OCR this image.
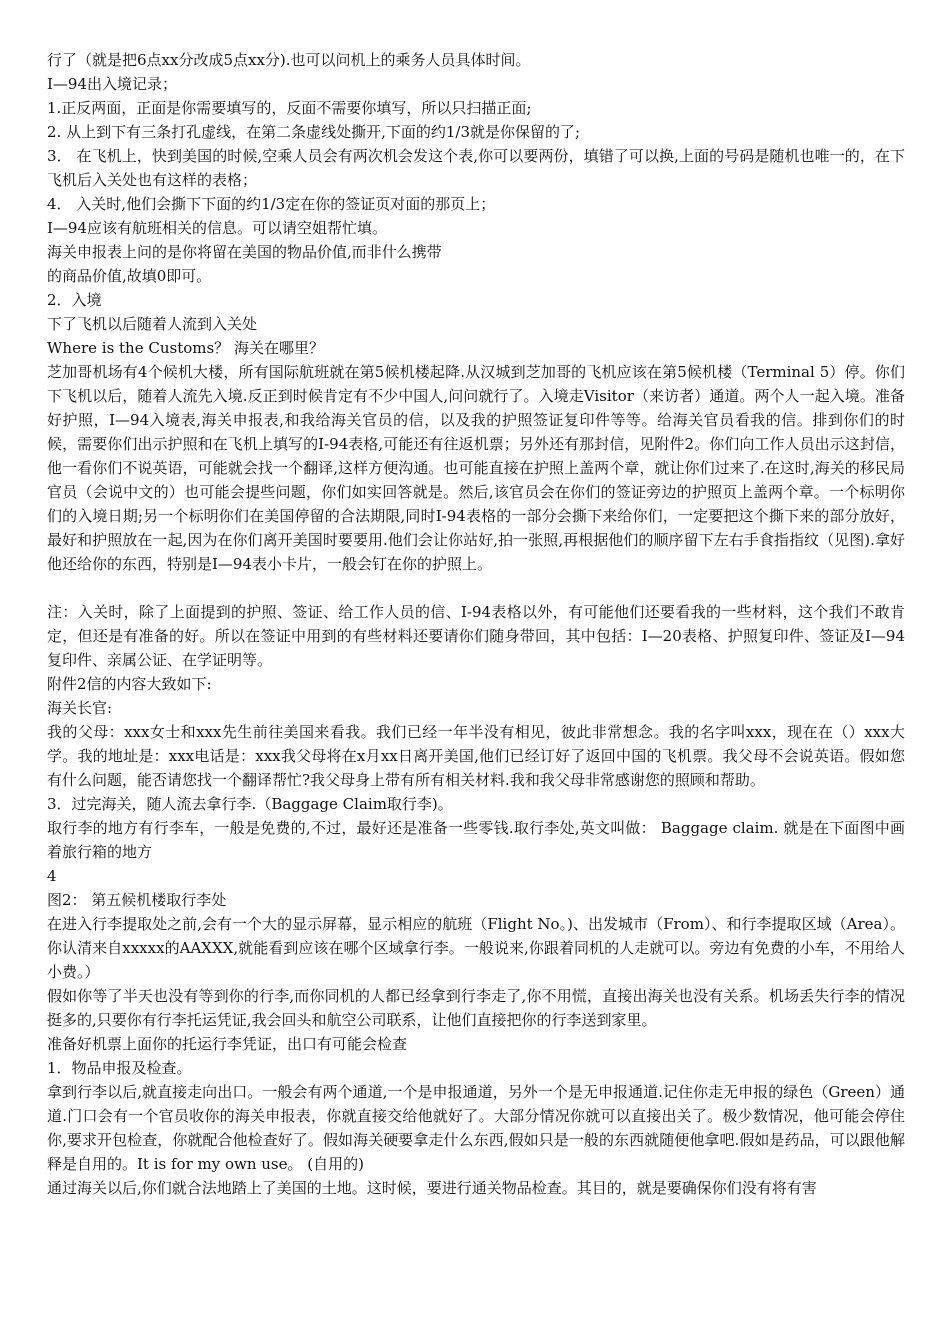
行了（就是把6点xx分改成5点xx分).也可以问机上的乘务人员具体时间。

I—94出入境记录；

1.正反两面，正面是你需要填写的，反面不需要你填写，所以只扫描正面;

2. 从上到下有三条打孔虚线，在第二条虚线处撕开,下面的约1/3就是你保留的了;

3． 在飞机上，快到美国的时候,空乘人员会有两次机会发这个表,你可以要两份，填错了可以换,上面的号码是随机也唯一的，在下飞机后入关处也有这样的表格；

4． 入关时,他们会撕下下面的约1/3定在你的签证页对面的那页上；

I—94应该有航班相关的信息。可以请空姐帮忙填。

海关申报表上问的是你将留在美国的物品价值,而非什么携带

的商品价值,故填0即可。

2．入境

下了飞机以后随着人流到入关处

Where is the Customs？ 海关在哪里？

芝加哥机场有4个候机大楼，所有国际航班就在第5候机楼起降.从汉城到芝加哥的飞机应该在第5候机楼（Terminal 5）停。你们下飞机以后，随着人流先入境.反正到时候肯定有不少中国人,问问就行了。入境走Visitor（来访者）通道。两个人一起入境。准备好护照，I—94入境表,海关申报表,和我给海关官员的信，以及我的护照签证复印件等等。给海关官员看我的信。排到你们的时候，需要你们出示护照和在飞机上填写的I-94表格,可能还有往返机票；另外还有那封信，见附件2。你们向工作人员出示这封信，他一看你们不说英语，可能就会找一个翻译,这样方便沟通。也可能直接在护照上盖两个章，就让你们过来了.在这时,海关的移民局官员（会说中文的）也可能会提些问题，你们如实回答就是。然后,该官员会在你们的签证旁边的护照页上盖两个章。一个标明你们的入境日期;另一个标明你们在美国停留的合法期限,同时I-94表格的一部分会撕下来给你们，一定要把这个撕下来的部分放好，最好和护照放在一起,因为在你们离开美国时要要用.他们会让你站好,拍一张照,再根据他们的顺序留下左右手食指指纹（见图).拿好他还给你的东西，特别是I—94表小卡片，一般会钉在你的护照上。

注：入关时，除了上面提到的护照、签证、给工作人员的信、I-94表格以外，有可能他们还要看我的一些材料，这个我们不敢肯定，但还是有准备的好。所以在签证中用到的有些材料还要请你们随身带回，其中包括：I—20表格、护照复印件、签证及I—94复印件、亲属公证、在学证明等。

附件2信的内容大致如下:

海关长官:

我的父母：xxx女士和xxx先生前往美国来看我。我们已经一年半没有相见，彼此非常想念。我的名字叫xxx，现在在（）xxx大学。我的地址是：xxx电话是：xxx我父母将在x月xx日离开美国,他们已经订好了返回中国的飞机票。我父母不会说英语。假如您有什么问题，能否请您找一个翻译帮忙?我父母身上带有所有相关材料.我和我父母非常感谢您的照顾和帮助。

3．过完海关，随人流去拿行李.（Baggage Claim取行李)。

取行李的地方有行李车，一般是免费的,不过，最好还是准备一些零钱.取行李处,英文叫做： Baggage claim. 就是在下面图中画着旅行箱的地方

4

图2： 第五候机楼取行李处

在进入行李提取处之前,会有一个大的显示屏幕，显示相应的航班（Flight No。)、出发城市（From）、和行李提取区域（Area）。你认清来自xxxxx的AAXXX,就能看到应该在哪个区域拿行李。一般说来,你跟着同机的人走就可以。旁边有免费的小车，不用给人小费。）

假如你等了半天也没有等到你的行李,而你同机的人都已经拿到行李走了,你不用慌，直接出海关也没有关系。机场丢失行李的情况挺多的,只要你有行李托运凭证,我会回头和航空公司联系，让他们直接把你的行李送到家里。

准备好机票上面你的托运行李凭证，出口有可能会检查

1．物品申报及检查。

拿到行李以后,就直接走向出口。一般会有两个通道,一个是申报通道，另外一个是无申报通道.记住你走无申报的绿色（Green）通道.门口会有一个官员收你的海关申报表，你就直接交给他就好了。大部分情况你就可以直接出关了。极少数情况，他可能会停住你,要求开包检查，你就配合他检查好了。假如海关硬要拿走什么东西,假如只是一般的东西就随便他拿吧.假如是药品，可以跟他解释是自用的。It is for my own use。 (自用的)

通过海关以后,你们就合法地踏上了美国的土地。这时候，要进行通关物品检查。其目的，就是要确保你们没有将有害
